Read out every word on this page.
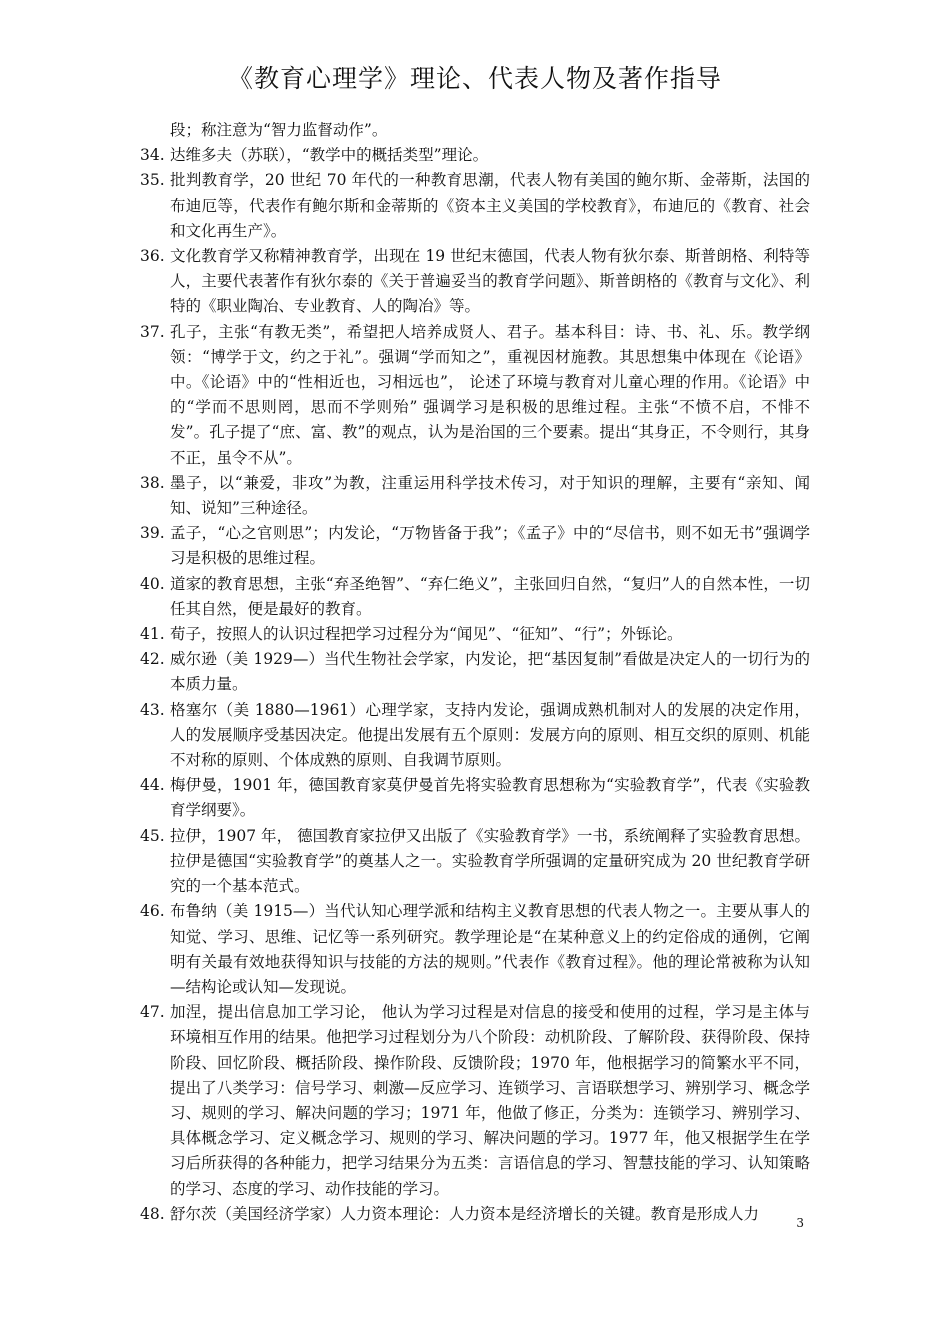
《教育心理学》理论、代表人物及著作指导

段；称注意为“智力监督动作”。

34. 达维多夫（苏联），“教学中的概括类型”理论。

35. 批判教育学，20 世纪 70 年代的一种教育思潮，代表人物有美国的鲍尔斯、金蒂斯，法国的布迪厄等，代表作有鲍尔斯和金蒂斯的《资本主义美国的学校教育》，布迪厄的《教育、社会和文化再生产》。

36. 文化教育学又称精神教育学，出现在 19 世纪末德国，代表人物有狄尔泰、斯普朗格、利特等人，主要代表著作有狄尔泰的《关于普遍妥当的教育学问题》、斯普朗格的《教育与文化》、利特的《职业陶冶、专业教育、人的陶冶》等。

37. 孔子，主张“有教无类”，希望把人培养成贤人、君子。基本科目：诗、书、礼、乐。教学纲领：“博学于文，约之于礼”。强调“学而知之”，重视因材施教。其思想集中体现在《论语》中。《论语》中的“性相近也，习相远也”， 论述了环境与教育对儿童心理的作用。《论语》中的“学而不思则罔，思而不学则殆” 强调学习是积极的思维过程。主张“不愤不启，不悱不发”。孔子提了“庶、富、教”的观点，认为是治国的三个要素。提出“其身正，不令则行，其身不正，虽令不从”。

38. 墨子，以“兼爱，非攻”为教，注重运用科学技术传习，对于知识的理解，主要有“亲知、闻知、说知”三种途径。

39. 孟子，“心之官则思”；内发论，“万物皆备于我”；《孟子》中的“尽信书，则不如无书”强调学习是积极的思维过程。

40. 道家的教育思想，主张“弃圣绝智”、“弃仁绝义”，主张回归自然，“复归”人的自然本性，一切任其自然，便是最好的教育。

41. 荀子，按照人的认识过程把学习过程分为“闻见”、“征知”、“行”；外铄论。

42. 威尔逊（美 1929—）当代生物社会学家，内发论，把“基因复制”看做是决定人的一切行为的本质力量。

43. 格塞尔（美 1880—1961）心理学家，支持内发论，强调成熟机制对人的发展的决定作用，人的发展顺序受基因决定。他提出发展有五个原则：发展方向的原则、相互交织的原则、机能不对称的原则、个体成熟的原则、自我调节原则。

44. 梅伊曼，1901 年，德国教育家莫伊曼首先将实验教育思想称为“实验教育学”，代表《实验教育学纲要》。

45. 拉伊，1907 年， 德国教育家拉伊又出版了《实验教育学》一书，系统阐释了实验教育思想。拉伊是德国“实验教育学”的奠基人之一。实验教育学所强调的定量研究成为 20 世纪教育学研究的一个基本范式。

46. 布鲁纳（美 1915—）当代认知心理学派和结构主义教育思想的代表人物之一。主要从事人的知觉、学习、思维、记忆等一系列研究。教学理论是“在某种意义上的约定俗成的通例，它阐明有关最有效地获得知识与技能的方法的规则。”代表作《教育过程》。他的理论常被称为认知—结构论或认知—发现说。

47. 加涅，提出信息加工学习论， 他认为学习过程是对信息的接受和使用的过程，学习是主体与环境相互作用的结果。他把学习过程划分为八个阶段：动机阶段、了解阶段、获得阶段、保持阶段、回忆阶段、概括阶段、操作阶段、反馈阶段；1970 年，他根据学习的简繁水平不同，提出了八类学习：信号学习、刺激—反应学习、连锁学习、言语联想学习、辨别学习、概念学习、规则的学习、解决问题的学习；1971 年，他做了修正，分类为：连锁学习、辨别学习、具体概念学习、定义概念学习、规则的学习、解决问题的学习。1977 年，他又根据学生在学习后所获得的各种能力，把学习结果分为五类：言语信息的学习、智慧技能的学习、认知策略的学习、态度的学习、动作技能的学习。

48. 舒尔茨（美国经济学家）人力资本理论：人力资本是经济增长的关键。教育是形成人力

3
